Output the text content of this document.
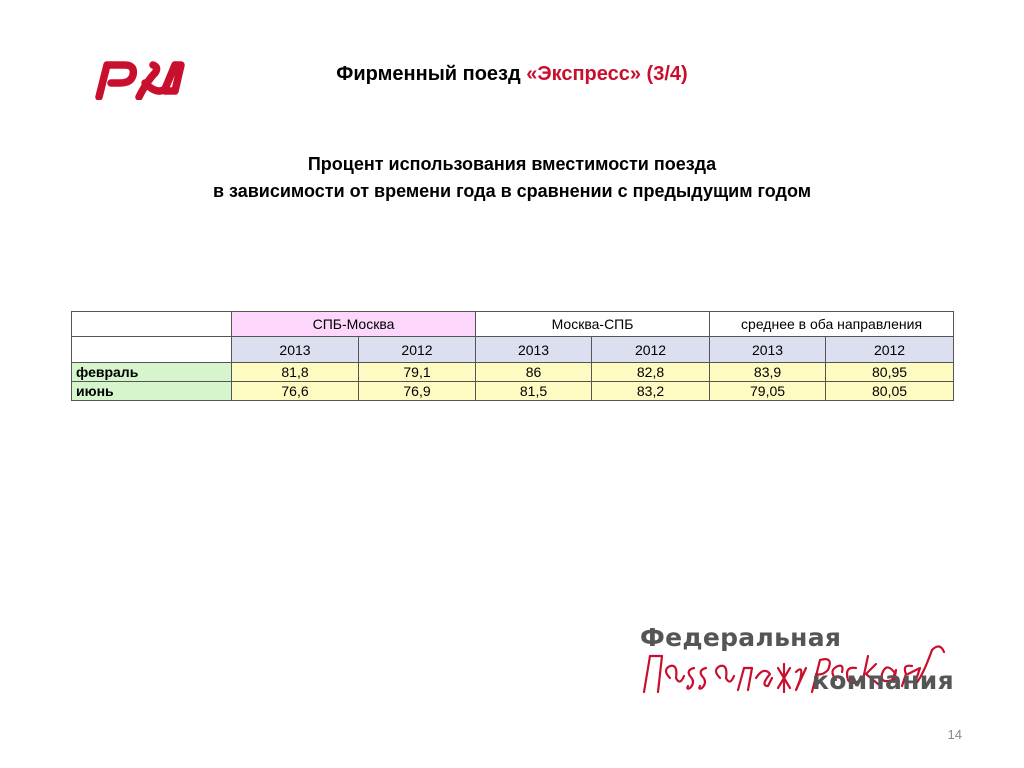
Фирменный поезд «Экспресс» (3/4)
Процент использования вместимости поезда
в зависимости от времени года в сравнении с предыдущим годом
	СПБ-Москва		Москва-СПБ		среднее в оба направления	
	2013	2012	2013	2012	2013	2012
февраль	81,8	79,1	86	82,8	83,9	80,95
июнь	76,6	76,9	81,5	83,2	79,05	80,05
Федеральная
компания
14
